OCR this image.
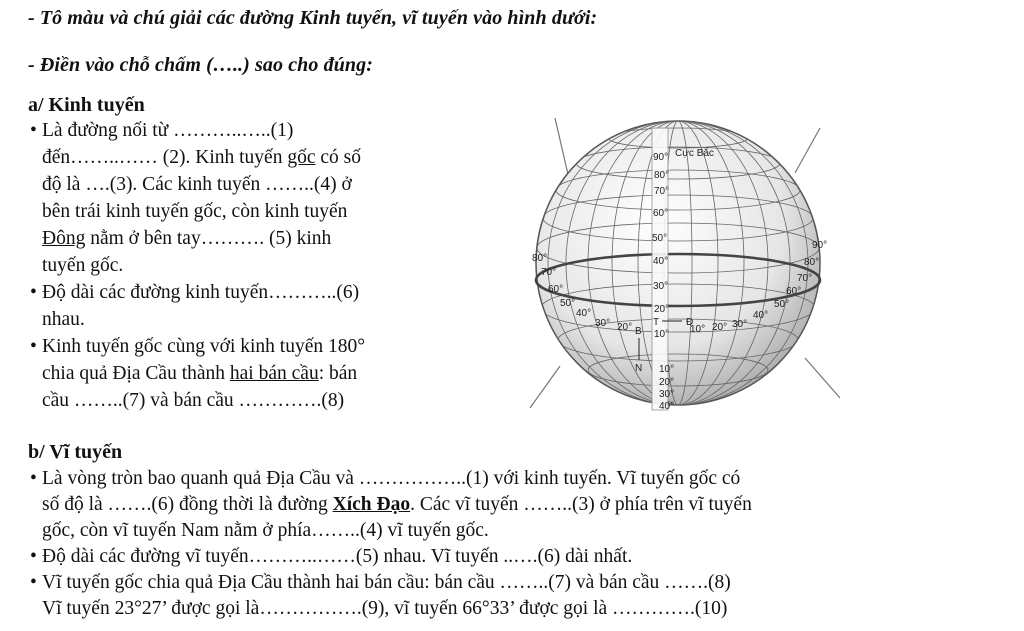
- Tô màu và chú giải các đường Kinh tuyến, vĩ tuyến vào hình dưới:
- Điền vào chỗ chấm (…..) sao cho đúng:
a/ Kinh tuyến
• Là đường nối từ ………..…..(1)
đến……..…… (2). Kinh tuyến gốc có số
độ là ….(3). Các kinh tuyến ……..(4) ở
bên trái kinh tuyến gốc, còn kinh tuyến
Đông nằm ở bên tay………. (5) kinh
tuyến gốc.
• Độ dài các đường kinh tuyến………..(6)
nhau.
• Kinh tuyến gốc cùng với kinh tuyến 180°
chia quả Địa Cầu thành hai bán cầu: bán
cầu ……..(7) và bán cầu ………….(8)
90° Cực Bắc
80°
70°
60°
50°
40°
30°
20°
T	Đ
10°
B
N
30° 20°	10° 20° 30°
10°
20°
30°
40°
80°
70°
60°
50°
40°
90°
80°
70°
60°
50°
40°
b/ Vĩ tuyến
• Là vòng tròn bao quanh quả Địa Cầu và ……………..(1) với kinh tuyến. Vĩ tuyến gốc có
số độ là …….(6) đồng thời là đường Xích Đạo. Các vĩ tuyến ……..(3) ở phía trên vĩ tuyến
gốc, còn vĩ tuyến Nam nằm ở phía……..(4) vĩ tuyến gốc.
• Độ dài các đường vĩ tuyến………..……(5) nhau. Vĩ tuyến ..….(6) dài nhất.
• Vĩ tuyến gốc chia quả Địa Cầu thành hai bán cầu: bán cầu ……..(7) và bán cầu …….(8)
Vĩ tuyến 23°27’ được gọi là…………….(9), vĩ tuyến 66°33’ được gọi là ………….(10)
